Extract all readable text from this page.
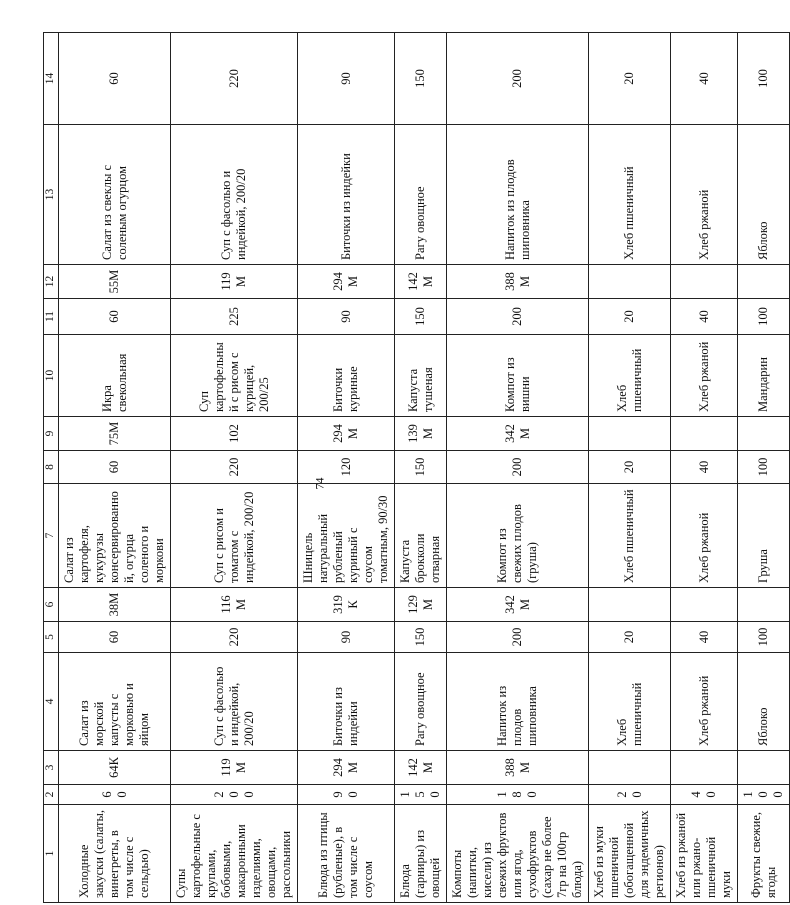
1	2	3	4	5	6	7	8	9	10	11	12	13	14
Холодные закуски (салаты, винегреты, в том числе с сельдью)	60	64К	Салат из морской капусты с морковью и яйцом	60	38М	Салат из картофеля, кукурузы консервированной, огурца соленого и моркови	60	75М	Икра свекольная	60	55М	Салат из свеклы с соленым огурцом	60
Супы картофельные с крупами, бобовыми, макаронными изделиями, овощами, рассольники	200	119М	Суп с фасолью и индейкой, 200/20	220	116М	Суп с рисом и томатом с индейкой, 200/20	220	102	Суп картофельный с рисом с курицей, 200/25	225	119М	Суп с фасолью и индейкой, 200/20	220
Блюда из птицы (рубленые), в том числе с соусом	90	294М	Биточки из индейки	90	319К	Шницель натуральный рубленый куриный с соусом томатным, 90/30	120	294М	Биточки куриные	90	294М	Биточки из индейки	90
Блюда (гарниры) из овощей	150	142М	Рагу овощное	150	129М	Капуста брокколи отварная	150	139М	Капуста тушеная	150	142М	Рагу овощное	150
Компоты (напитки, кисели) из свежих фруктов или ягод, сухофруктов (сахар не более 7гр на 100гр блюда)	180	388М	Напиток из плодов шиповника	200	342М	Компот из свежих плодов (груша)	200	342М	Компот из вишни	200	388М	Напиток из плодов шиповника	200
Хлеб из муки пшеничной (обогащенной для эндемичных регионов)	20		Хлеб пшеничный	20		Хлеб пшеничный	20		Хлеб пшеничный	20		Хлеб пшеничный	20
Хлеб из ржаной или ржано-пшеничной муки	40		Хлеб ржаной	40		Хлеб ржаной	40		Хлеб ржаной	40		Хлеб ржаной	40
Фрукты свежие, ягоды	100		Яблоко	100		Груша	100		Мандарин	100		Яблоко	100
74
